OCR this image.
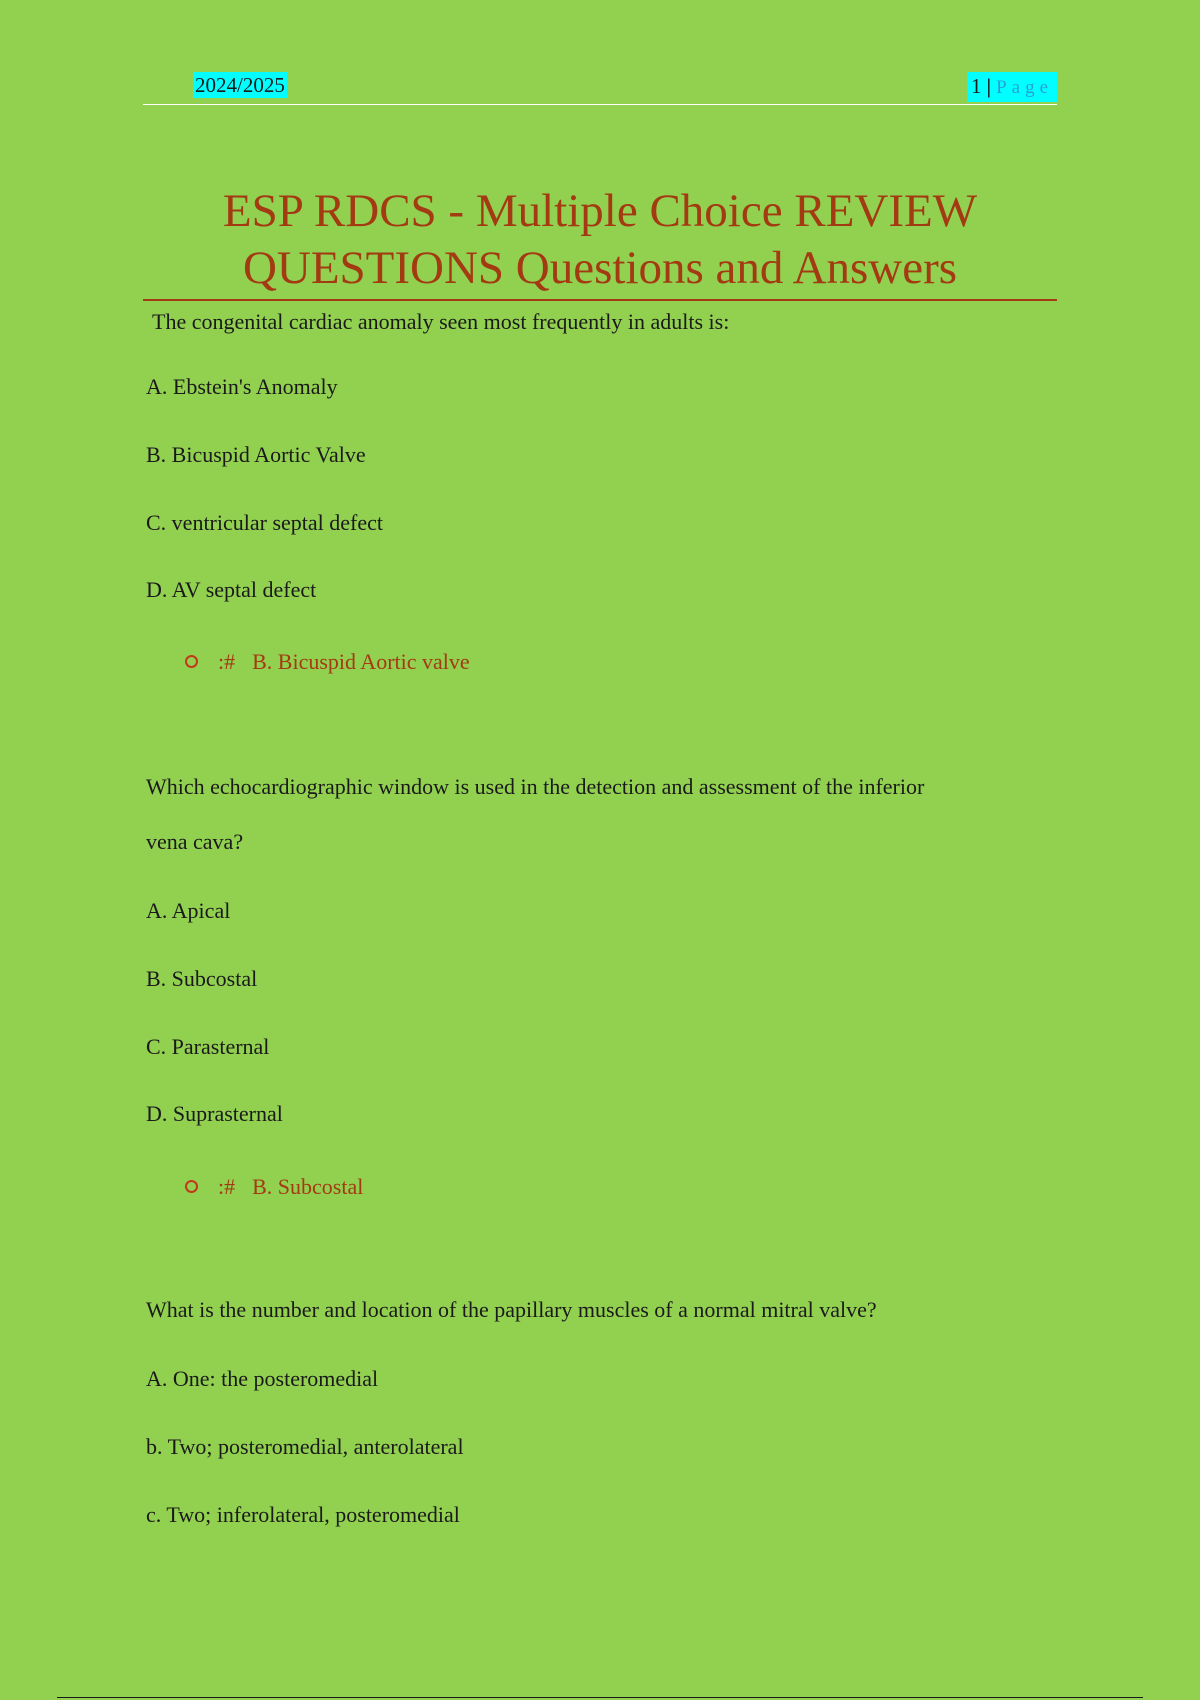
2024/2025	1 | Page
ESP RDCS - Multiple Choice REVIEW
QUESTIONS Questions and Answers
The congenital cardiac anomaly seen most frequently in adults is:
A. Ebstein's Anomaly
B. Bicuspid Aortic Valve
C. ventricular septal defect
D. AV septal defect
:# B. Bicuspid Aortic valve
Which echocardiographic window is used in the detection and assessment of the inferior
vena cava?
A. Apical
B. Subcostal
C. Parasternal
D. Suprasternal
:# B. Subcostal
What is the number and location of the papillary muscles of a normal mitral valve?
A. One: the posteromedial
b. Two; posteromedial, anterolateral
c. Two; inferolateral, posteromedial
